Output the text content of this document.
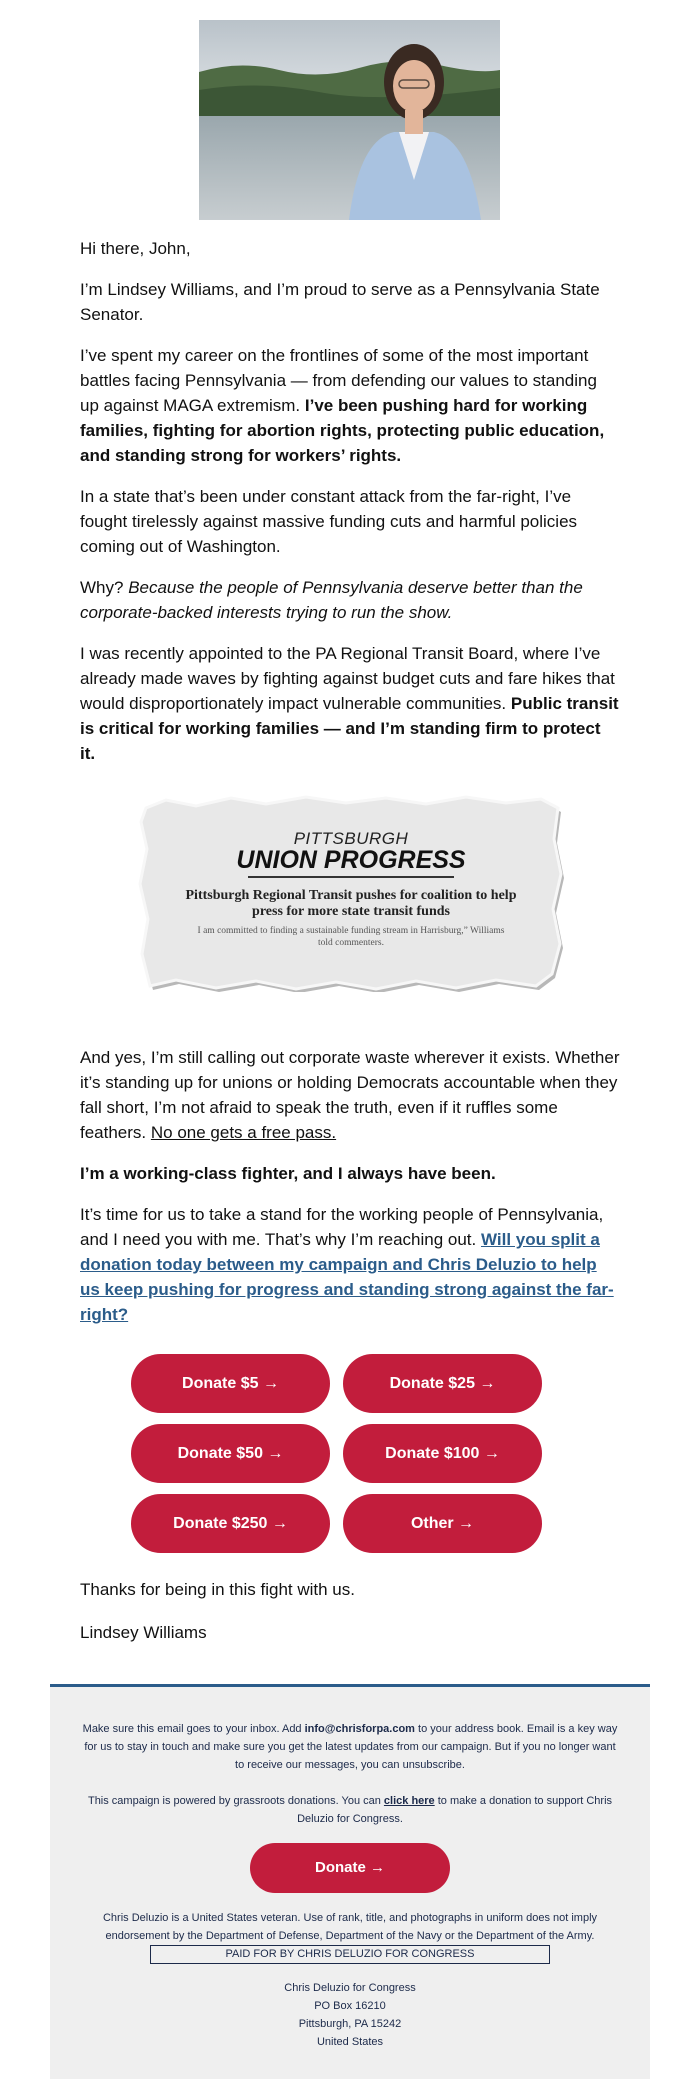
Hi there, John,

I’m Lindsey Williams, and I’m proud to serve as a Pennsylvania State Senator.

I’ve spent my career on the frontlines of some of the most important battles facing Pennsylvania — from defending our values to standing up against MAGA extremism. I’ve been pushing hard for working families, fighting for abortion rights, protecting public education, and standing strong for workers’ rights.

In a state that’s been under constant attack from the far-right, I’ve fought tirelessly against massive funding cuts and harmful policies coming out of Washington.

Why? Because the people of Pennsylvania deserve better than the corporate-backed interests trying to run the show.

I was recently appointed to the PA Regional Transit Board, where I’ve already made waves by fighting against budget cuts and fare hikes that would disproportionately impact vulnerable communities. Public transit is critical for working families — and I’m standing firm to protect it.

PITTSBURGH
UNION PROGRESS
Pittsburgh Regional Transit pushes for coalition to help
press for more state transit funds
I am committed to finding a sustainable funding stream in Harrisburg,” Williams
told commenters.

And yes, I’m still calling out corporate waste wherever it exists. Whether it’s standing up for unions or holding Democrats accountable when they fall short, I’m not afraid to speak the truth, even if it ruffles some feathers. No one gets a free pass.

I’m a working-class fighter, and I always have been.

It’s time for us to take a stand for the working people of Pennsylvania, and I need you with me. That’s why I’m reaching out. Will you split a donation today between my campaign and Chris Deluzio to help us keep pushing for progress and standing strong against the far-right?

Donate $5 →	Donate $25 →
Donate $50 →	Donate $100 →
Donate $250 →	Other →

Thanks for being in this fight with us.

Lindsey Williams

Make sure this email goes to your inbox. Add info@chrisforpa.com to your address book. Email is a key way for us to stay in touch and make sure you get the latest updates from our campaign. But if you no longer want to receive our messages, you can unsubscribe.

This campaign is powered by grassroots donations. You can click here to make a donation to support Chris Deluzio for Congress.

Donate →

Chris Deluzio is a United States veteran. Use of rank, title, and photographs in uniform does not imply endorsement by the Department of Defense, Department of the Navy or the Department of the Army.

PAID FOR BY CHRIS DELUZIO FOR CONGRESS
Chris Deluzio for Congress
PO Box 16210
Pittsburgh, PA 15242
United States
